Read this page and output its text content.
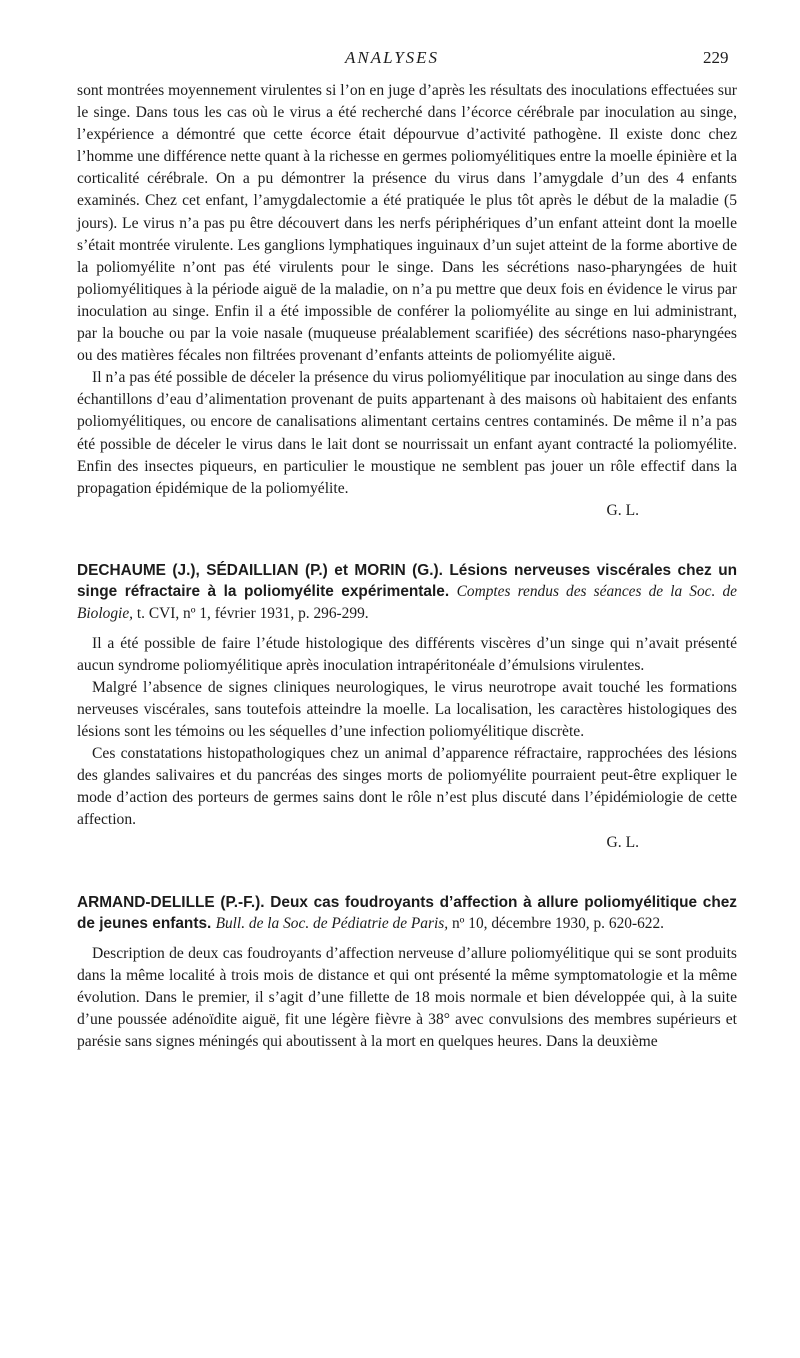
ANALYSES	229

sont montrées moyennement virulentes si l’on en juge d’après les résultats des inoculations effectuées sur le singe. Dans tous les cas où le virus a été recherché dans l’écorce cérébrale par inoculation au singe, l’expérience a démontré que cette écorce était dépourvue d’activité pathogène. Il existe donc chez l’homme une différence nette quant à la richesse en germes poliomyélitiques entre la moelle épinière et la corticalité cérébrale. On a pu démontrer la présence du virus dans l’amygdale d’un des 4 enfants examinés. Chez cet enfant, l’amygdalectomie a été pratiquée le plus tôt après le début de la maladie (5 jours). Le virus n’a pas pu être découvert dans les nerfs périphériques d’un enfant atteint dont la moelle s’était montrée virulente. Les ganglions lymphatiques inguinaux d’un sujet atteint de la forme abortive de la poliomyélite n’ont pas été virulents pour le singe. Dans les sécrétions naso-pharyngées de huit poliomyélitiques à la période aiguë de la maladie, on n’a pu mettre que deux fois en évidence le virus par inoculation au singe. Enfin il a été impossible de conférer la poliomyélite au singe en lui administrant, par la bouche ou par la voie nasale (muqueuse préalablement scarifiée) des sécrétions naso-pharyngées ou des matières fécales non filtrées provenant d’enfants atteints de poliomyélite aiguë.

Il n’a pas été possible de déceler la présence du virus poliomyélitique par inoculation au singe dans des échantillons d’eau d’alimentation provenant de puits appartenant à des maisons où habitaient des enfants poliomyélitiques, ou encore de canalisations alimentant certains centres contaminés. De même il n’a pas été possible de déceler le virus dans le lait dont se nourrissait un enfant ayant contracté la poliomyélite. Enfin des insectes piqueurs, en particulier le moustique ne semblent pas jouer un rôle effectif dans la propagation épidémique de la poliomyélite.

G. L.

DECHAUME (J.), SÉDAILLIAN (P.) et MORIN (G.). Lésions nerveuses viscérales chez un singe réfractaire à la poliomyélite expérimentale. Comptes rendus des séances de la Soc. de Biologie, t. CVI, nº 1, février 1931, p. 296-299.

Il a été possible de faire l’étude histologique des différents viscères d’un singe qui n’avait présenté aucun syndrome poliomyélitique après inoculation intrapéritonéale d’émulsions virulentes.

Malgré l’absence de signes cliniques neurologiques, le virus neurotrope avait touché les formations nerveuses viscérales, sans toutefois atteindre la moelle. La localisation, les caractères histologiques des lésions sont les témoins ou les séquelles d’une infection poliomyélitique discrète.

Ces constatations histopathologiques chez un animal d’apparence réfractaire, rapprochées des lésions des glandes salivaires et du pancréas des singes morts de poliomyélite pourraient peut-être expliquer le mode d’action des porteurs de germes sains dont le rôle n’est plus discuté dans l’épidémiologie de cette affection.

G. L.

ARMAND-DELILLE (P.-F.). Deux cas foudroyants d’affection à allure poliomyélitique chez de jeunes enfants. Bull. de la Soc. de Pédiatrie de Paris, nº 10, décembre 1930, p. 620-622.

Description de deux cas foudroyants d’affection nerveuse d’allure poliomyélitique qui se sont produits dans la même localité à trois mois de distance et qui ont présenté la même symptomatologie et la même évolution. Dans le premier, il s’agit d’une fillette de 18 mois normale et bien développée qui, à la suite d’une poussée adénoïdite aiguë, fit une légère fièvre à 38° avec convulsions des membres supérieurs et parésie sans signes méningés qui aboutissent à la mort en quelques heures. Dans la deuxième
